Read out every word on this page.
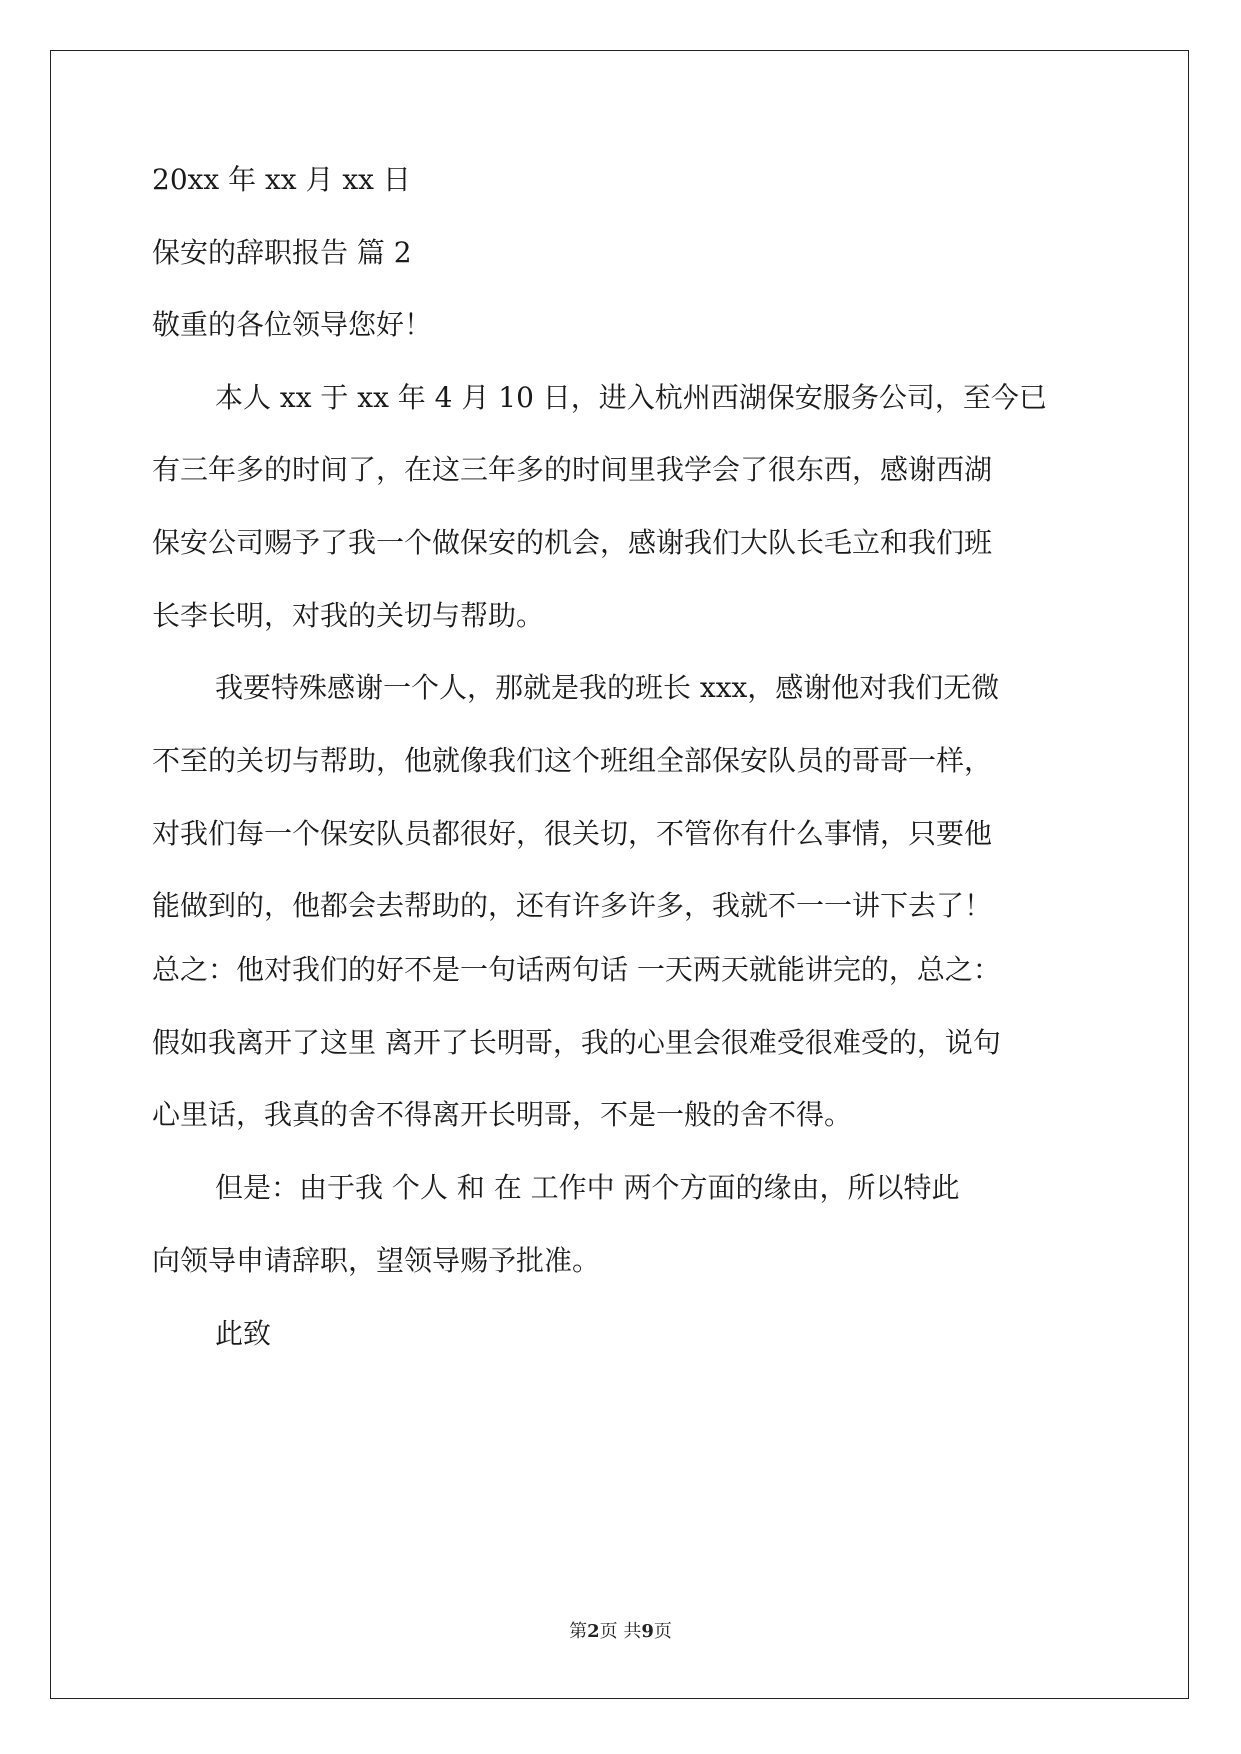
20xx 年 xx 月 xx 日
保安的辞职报告 篇 2
敬重的各位领导您好！
本人 xx 于 xx 年 4 月 10 日，进入杭州西湖保安服务公司，至今已
有三年多的时间了，在这三年多的时间里我学会了很东西，感谢西湖
保安公司赐予了我一个做保安的机会，感谢我们大队长毛立和我们班
长李长明，对我的关切与帮助。
我要特殊感谢一个人，那就是我的班长 xxx，感谢他对我们无微
不至的关切与帮助，他就像我们这个班组全部保安队员的哥哥一样，
对我们每一个保安队员都很好，很关切，不管你有什么事情，只要他
能做到的，他都会去帮助的，还有许多许多，我就不一一讲下去了！
总之：他对我们的好不是一句话两句话 一天两天就能讲完的，总之：
假如我离开了这里 离开了长明哥，我的心里会很难受很难受的，说句
心里话，我真的舍不得离开长明哥，不是一般的舍不得。
但是：由于我 个人 和 在 工作中 两个方面的缘由，所以特此
向领导申请辞职，望领导赐予批准。
此致
第2页 共9页
